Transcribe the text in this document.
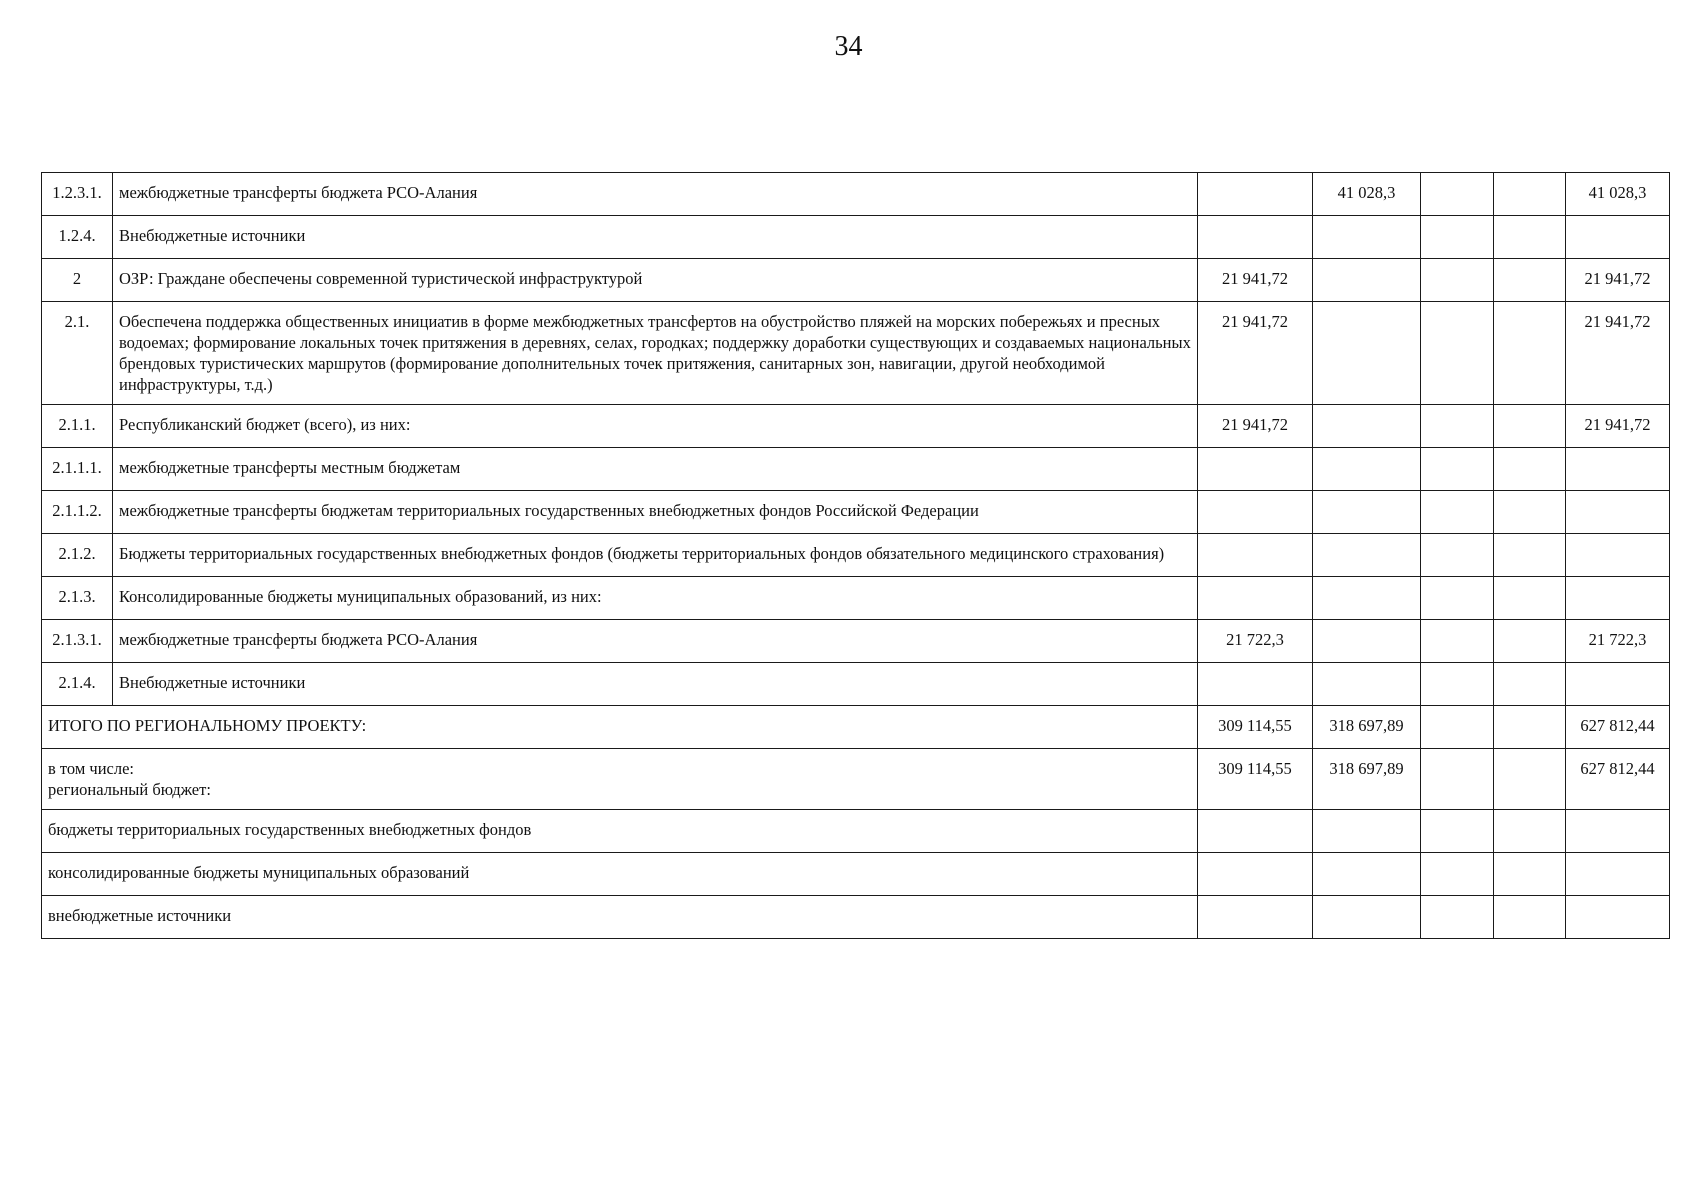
34
1.2.3.1.	межбюджетные трансферты бюджета РСО-Алания		41 028,3			41 028,3
1.2.4.	Внебюджетные источники					
2	ОЗР: Граждане обеспечены современной туристической инфраструктурой	21 941,72				21 941,72
2.1.	Обеспечена поддержка общественных инициатив в форме межбюджетных трансфертов на обустройство пляжей на морских побережьях и пресных водоемах; формирование локальных точек притяжения в деревнях, селах, городках; поддержку доработки существующих и создаваемых национальных брендовых туристических маршрутов (формирование дополнительных точек притяжения, санитарных зон, навигации, другой необходимой инфраструктуры, т.д.)	21 941,72				21 941,72
2.1.1.	Республиканский бюджет (всего), из них:	21 941,72				21 941,72
2.1.1.1.	межбюджетные трансферты местным бюджетам					
2.1.1.2.	межбюджетные трансферты бюджетам территориальных государственных внебюджетных фондов Российской Федерации					
2.1.2.	Бюджеты территориальных государственных внебюджетных фондов (бюджеты территориальных фондов обязательного медицинского страхования)					
2.1.3.	Консолидированные бюджеты муниципальных образований, из них:					
2.1.3.1.	межбюджетные трансферты бюджета РСО-Алания	21 722,3				21 722,3
2.1.4.	Внебюджетные источники					

ИТОГО ПО РЕГИОНАЛЬНОМУ ПРОЕКТУ:		309 114,55	318 697,89			627 812,44

в том числе:
региональный бюджет:		309 114,55	318 697,89			627 812,44

бюджеты территориальных государственных внебюджетных фондов						

консолидированные бюджеты муниципальных образований						

внебюджетные источники						
